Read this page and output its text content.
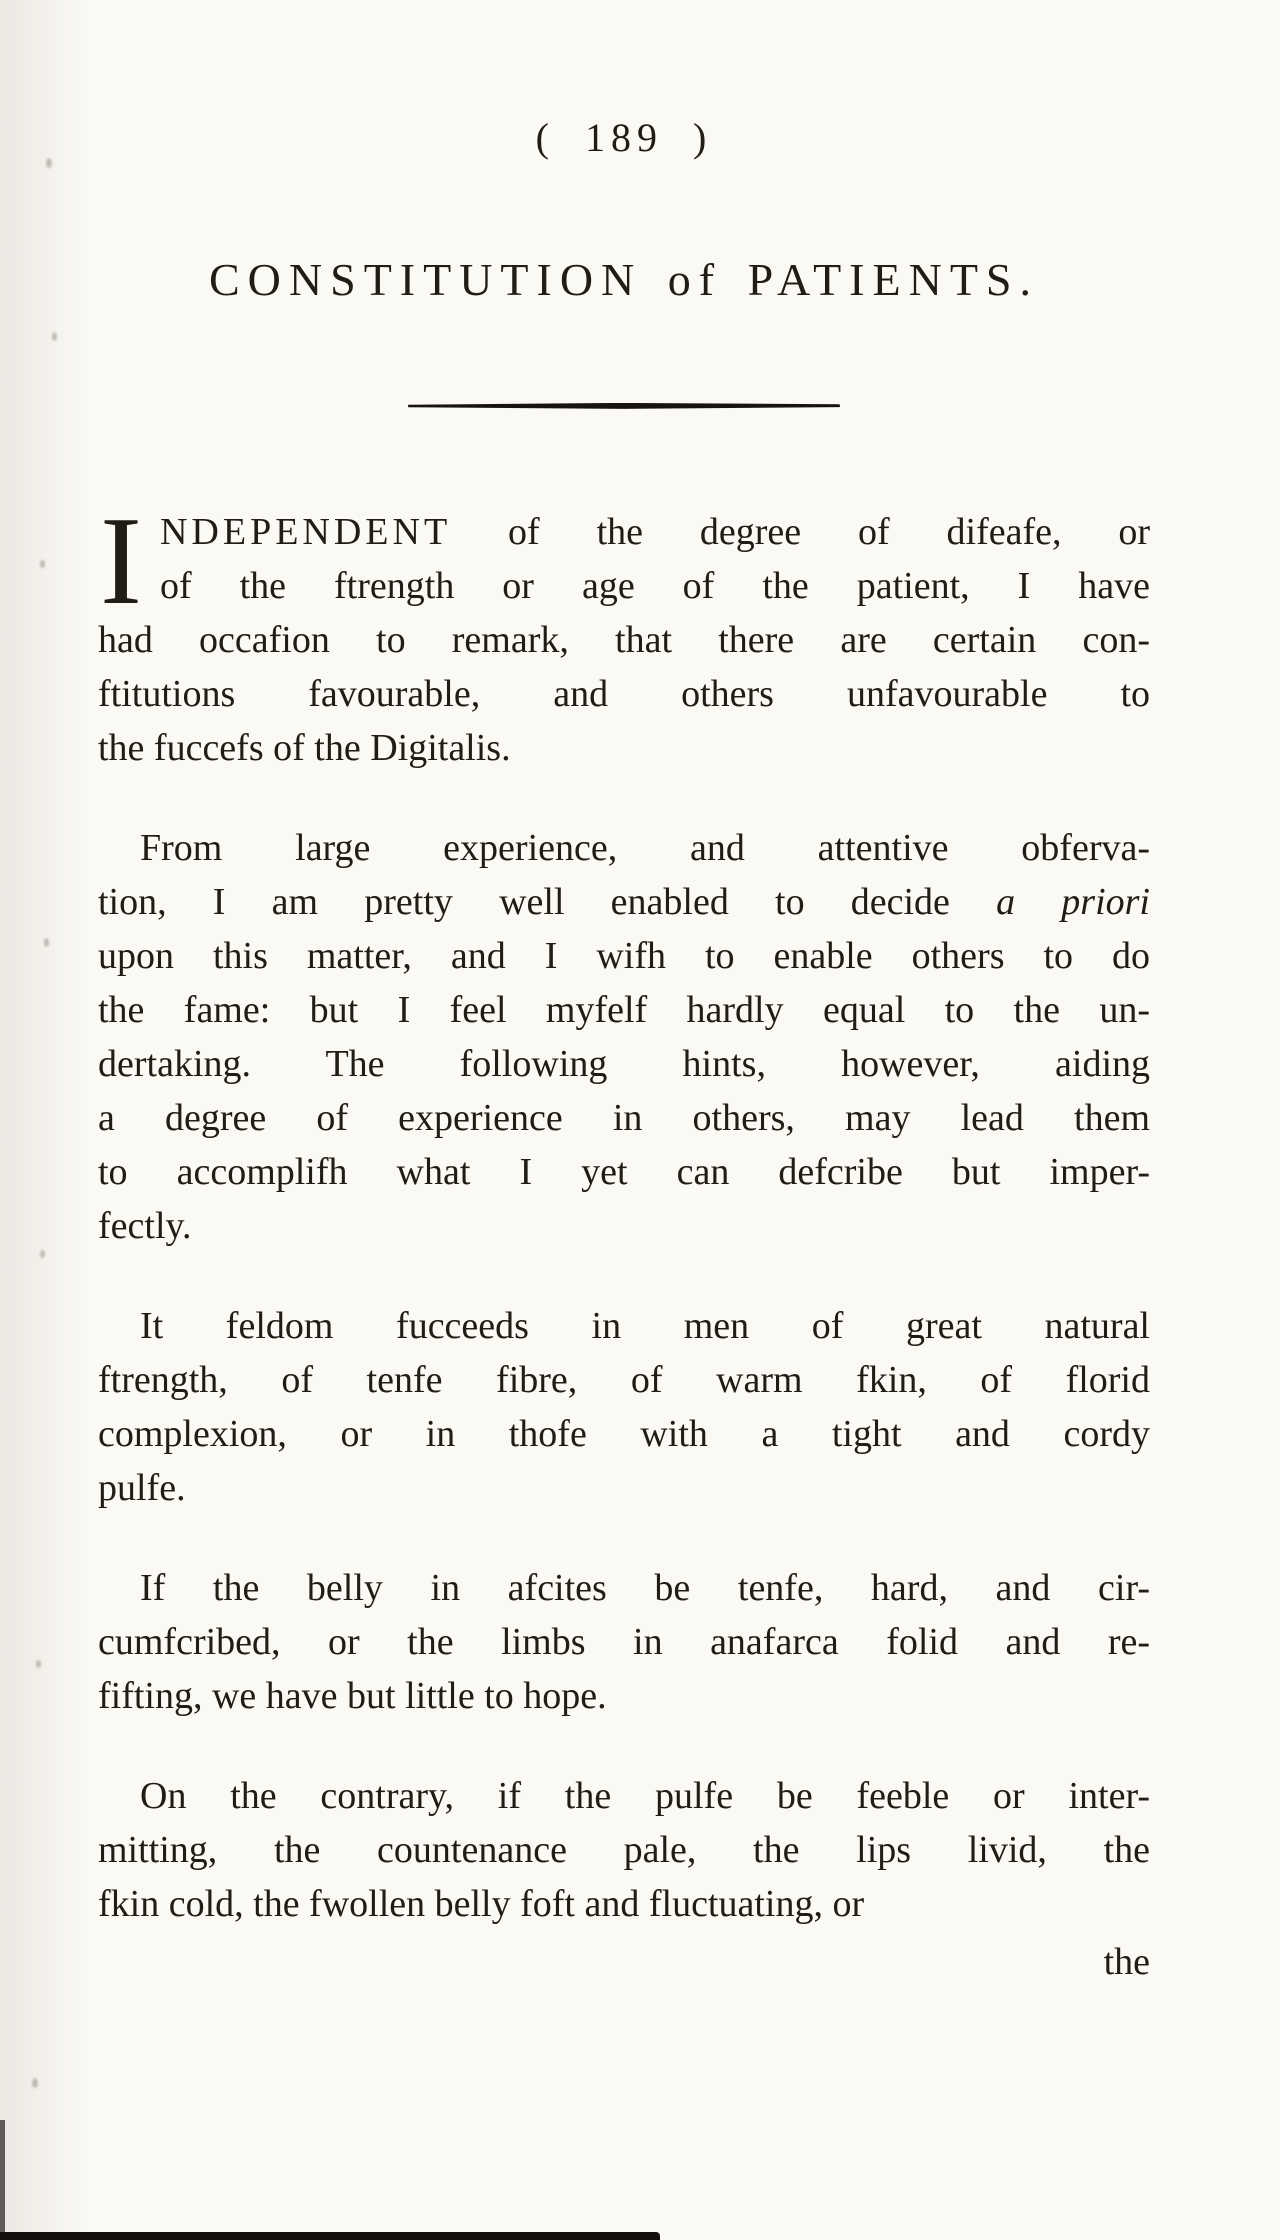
( 189 )
CONSTITUTION of PATIENTS.
I NDEPENDENT of the degree of difeafe, or
of the ftrength or age of the patient, I have
had occafion to remark, that there are certain con-
ftitutions favourable, and others unfavourable to
the fuccefs of the Digitalis.
From large experience, and attentive obferva-
tion, I am pretty well enabled to decide a priori
upon this matter, and I wifh to enable others to do
the fame: but I feel myfelf hardly equal to the un-
dertaking. The following hints, however, aiding
a degree of experience in others, may lead them
to accomplifh what I yet can defcribe but imper-
fectly.
It feldom fucceeds in men of great natural
ftrength, of tenfe fibre, of warm fkin, of florid
complexion, or in thofe with a tight and cordy
pulfe.
If the belly in afcites be tenfe, hard, and cir-
cumfcribed, or the limbs in anafarca folid and re-
fifting, we have but little to hope.
On the contrary, if the pulfe be feeble or inter-
mitting, the countenance pale, the lips livid, the
fkin cold, the fwollen belly foft and fluctuating, or
the
